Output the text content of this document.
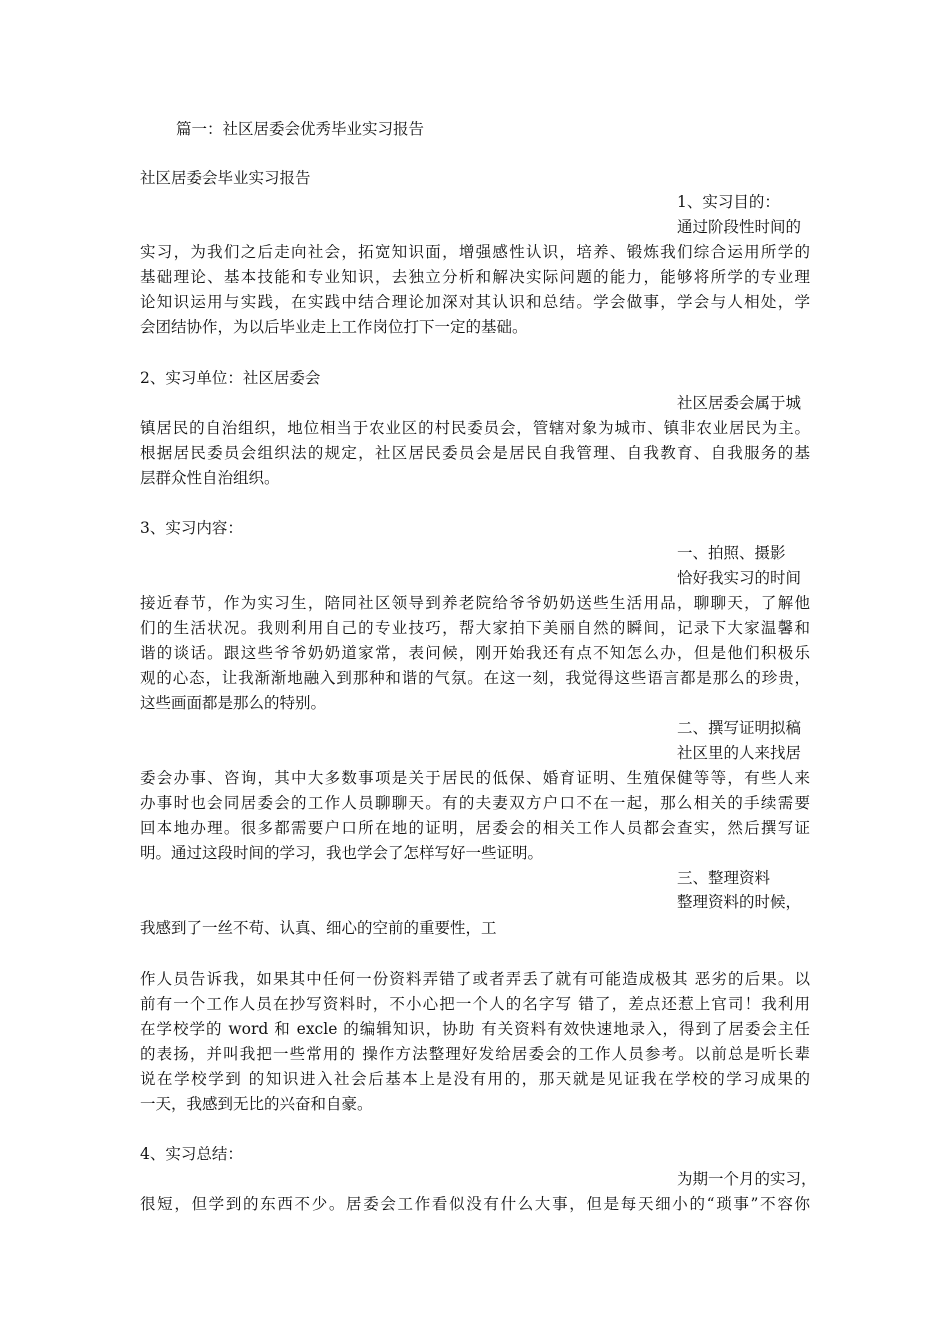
篇一：社区居委会优秀毕业实习报告
社区居委会毕业实习报告
1、实习目的：
通过阶段性时间的
实习，为我们之后走向社会，拓宽知识面，增强感性认识，培养、锻炼我们综合运用所学的
基础理论、基本技能和专业知识，去独立分析和解决实际问题的能力，能够将所学的专业理
论知识运用与实践，在实践中结合理论加深对其认识和总结。学会做事，学会与人相处，学
会团结协作，为以后毕业走上工作岗位打下一定的基础。
2、实习单位：社区居委会
社区居委会属于城
镇居民的自治组织，地位相当于农业区的村民委员会，管辖对象为城市、镇非农业居民为主。
根据居民委员会组织法的规定，社区居民委员会是居民自我管理、自我教育、自我服务的基
层群众性自治组织。
3、实习内容：
一、拍照、摄影
恰好我实习的时间
接近春节，作为实习生，陪同社区领导到养老院给爷爷奶奶送些生活用品，聊聊天，了解他
们的生活状况。我则利用自己的专业技巧，帮大家拍下美丽自然的瞬间，记录下大家温馨和
谐的谈话。跟这些爷爷奶奶道家常，表问候，刚开始我还有点不知怎么办，但是他们积极乐
观的心态，让我渐渐地融入到那种和谐的气氛。在这一刻，我觉得这些语言都是那么的珍贵，
这些画面都是那么的特别。
二、撰写证明拟稿
社区里的人来找居
委会办事、咨询，其中大多数事项是关于居民的低保、婚育证明、生殖保健等等，有些人来
办事时也会同居委会的工作人员聊聊天。有的夫妻双方户口不在一起，那么相关的手续需要
回本地办理。很多都需要户口所在地的证明，居委会的相关工作人员都会查实，然后撰写证
明。通过这段时间的学习，我也学会了怎样写好一些证明。
三、整理资料
整理资料的时候，
我感到了一丝不苟、认真、细心的空前的重要性，工
作人员告诉我，如果其中任何一份资料弄错了或者弄丢了就有可能造成极其 恶劣的后果。以
前有一个工作人员在抄写资料时，不小心把一个人的名字写 错了，差点还惹上官司！我利用
在学校学的 word 和 excle 的编辑知识，协助 有关资料有效快速地录入，得到了居委会主任
的表扬，并叫我把一些常用的 操作方法整理好发给居委会的工作人员参考。以前总是听长辈
说在学校学到 的知识进入社会后基本上是没有用的，那天就是见证我在学校的学习成果的
一天，我感到无比的兴奋和自豪。
4、实习总结：
为期一个月的实习，
很短，但学到的东西不少。居委会工作看似没有什么大事，但是每天细小的“琐事”不容你
